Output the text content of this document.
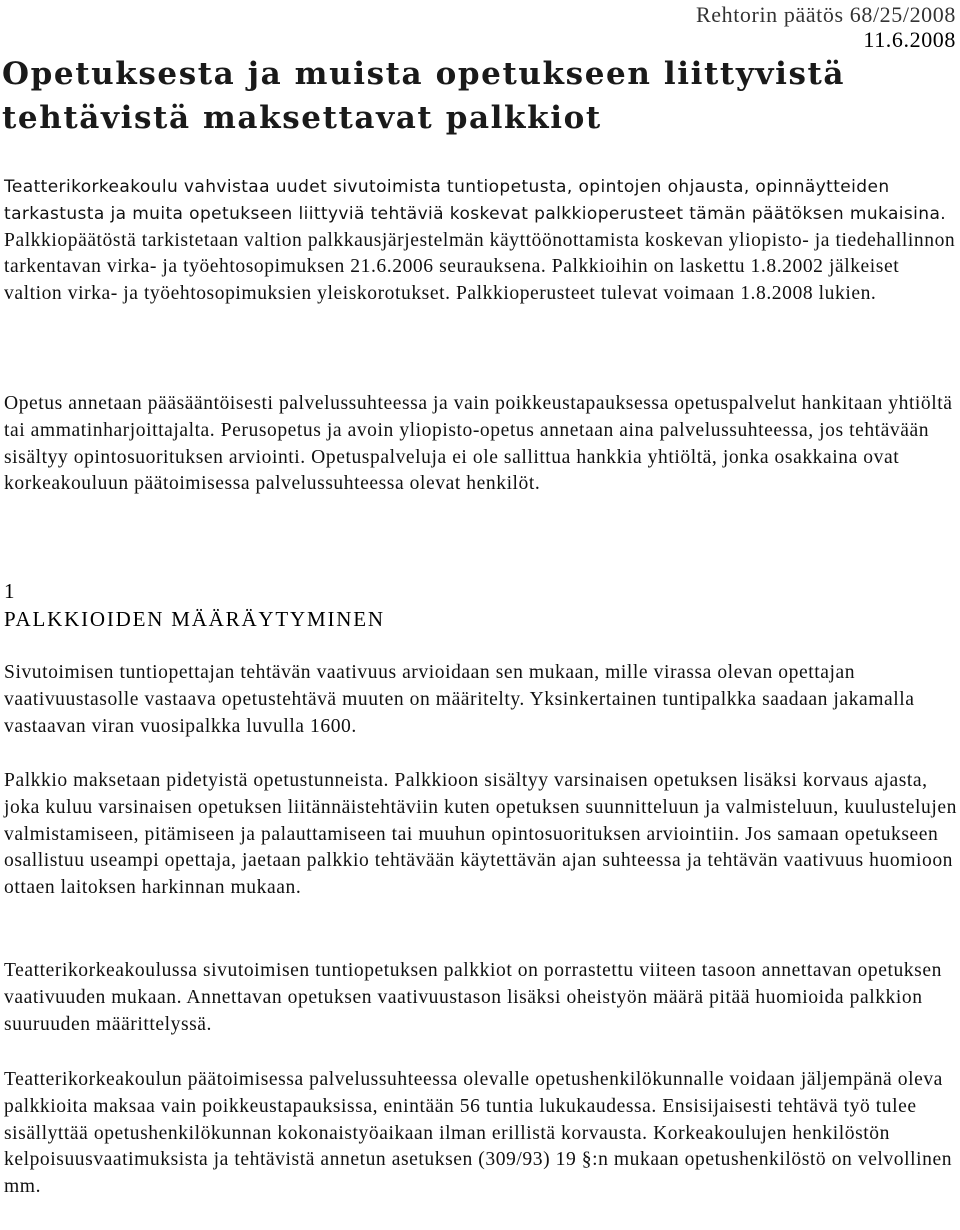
Rehtorin päätös 68/25/2008
11.6.2008
Opetuksesta ja muista opetukseen liittyvistä tehtävistä maksettavat palkkiot

Teatterikorkeakoulu vahvistaa uudet sivutoimista tuntiopetusta, opintojen ohjausta, opinnäytteiden tarkastusta ja muita opetukseen liittyviä tehtäviä koskevat palkkioperusteet tämän päätöksen mukaisina. Palkkiopäätöstä tarkistetaan valtion palkkausjärjestelmän käyttöönottamista koskevan yliopisto- ja tiedehallinnon tarkentavan virka- ja työehtosopimuksen 21.6.2006 seurauksena. Palkkioihin on laskettu 1.8.2002 jälkeiset valtion virka- ja työehtosopimuksien yleiskorotukset. Palkkioperusteet tulevat voimaan 1.8.2008 lukien.

Opetus annetaan pääsääntöisesti palvelussuhteessa ja vain poikkeustapauksessa opetuspalvelut hankitaan yhtiöltä tai ammatinharjoittajalta. Perusopetus ja avoin yliopisto-opetus annetaan aina palvelussuhteessa, jos tehtävään sisältyy opintosuorituksen arviointi. Opetuspalveluja ei ole sallittua hankkia yhtiöltä, jonka osakkaina ovat korkeakouluun päätoimisessa palvelussuhteessa olevat henkilöt.

1
PALKKIOIDEN MÄÄRÄYTYMINEN

Sivutoimisen tuntiopettajan tehtävän vaativuus arvioidaan sen mukaan, mille virassa olevan opettajan vaativuustasolle vastaava opetustehtävä muuten on määritelty. Yksinkertainen tuntipalkka saadaan jakamalla vastaavan viran vuosipalkka luvulla 1600.

Palkkio maksetaan pidetyistä opetustunneista. Palkkioon sisältyy varsinaisen opetuksen lisäksi korvaus ajasta, joka kuluu varsinaisen opetuksen liitännäistehtäviin kuten opetuksen suunnitteluun ja valmisteluun, kuulustelujen valmistamiseen, pitämiseen ja palauttamiseen tai muuhun opintosuorituksen arviointiin. Jos samaan opetukseen osallistuu useampi opettaja, jaetaan palkkio tehtävään käytettävän ajan suhteessa ja tehtävän vaativuus huomioon ottaen laitoksen harkinnan mukaan.

Teatterikorkeakoulussa sivutoimisen tuntiopetuksen palkkiot on porrastettu viiteen tasoon annettavan opetuksen vaativuuden mukaan. Annettavan opetuksen vaativuustason lisäksi oheistyön määrä pitää huomioida palkkion suuruuden määrittelyssä.

Teatterikorkeakoulun päätoimisessa palvelussuhteessa olevalle opetushenkilökunnalle voidaan jäljempänä oleva palkkioita maksaa vain poikkeustapauksissa, enintään 56 tuntia lukukaudessa. Ensisijaisesti tehtävä työ tulee sisällyttää opetushenkilökunnan kokonaistyöaikaan ilman erillistä korvausta. Korkeakoulujen henkilöstön kelpoisuusvaatimuksista ja tehtävistä annetun asetuksen (309/93) 19 §:n mukaan opetushenkilöstö on velvollinen mm.
